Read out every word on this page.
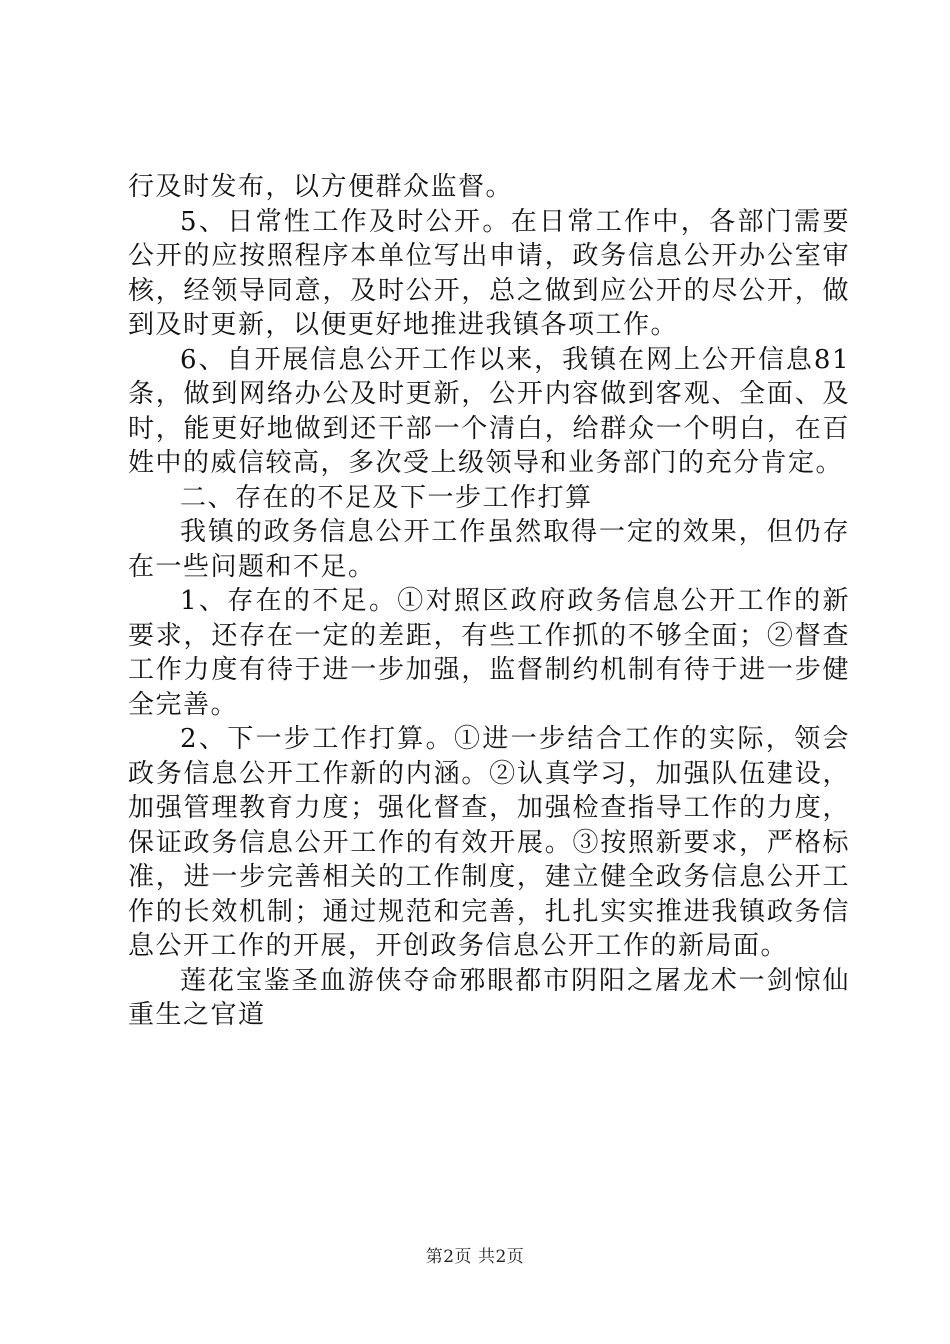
行及时发布，以方便群众监督。

5、日常性工作及时公开。在日常工作中，各部门需要公开的应按照程序本单位写出申请，政务信息公开办公室审核，经领导同意，及时公开，总之做到应公开的尽公开，做到及时更新，以便更好地推进我镇各项工作。

6、自开展信息公开工作以来，我镇在网上公开信息81条，做到网络办公及时更新，公开内容做到客观、全面、及时，能更好地做到还干部一个清白，给群众一个明白，在百姓中的威信较高，多次受上级领导和业务部门的充分肯定。

二、存在的不足及下一步工作打算

我镇的政务信息公开工作虽然取得一定的效果，但仍存在一些问题和不足。

1、存在的不足。①对照区政府政务信息公开工作的新要求，还存在一定的差距，有些工作抓的不够全面；②督查工作力度有待于进一步加强，监督制约机制有待于进一步健全完善。

2、下一步工作打算。①进一步结合工作的实际，领会政务信息公开工作新的内涵。②认真学习，加强队伍建设，加强管理教育力度；强化督查，加强检查指导工作的力度，保证政务信息公开工作的有效开展。③按照新要求，严格标准，进一步完善相关的工作制度，建立健全政务信息公开工作的长效机制；通过规范和完善，扎扎实实推进我镇政务信息公开工作的开展，开创政务信息公开工作的新局面。

莲花宝鉴圣血游侠夺命邪眼都市阴阳之屠龙术一剑惊仙重生之官道

第2页 共2页
